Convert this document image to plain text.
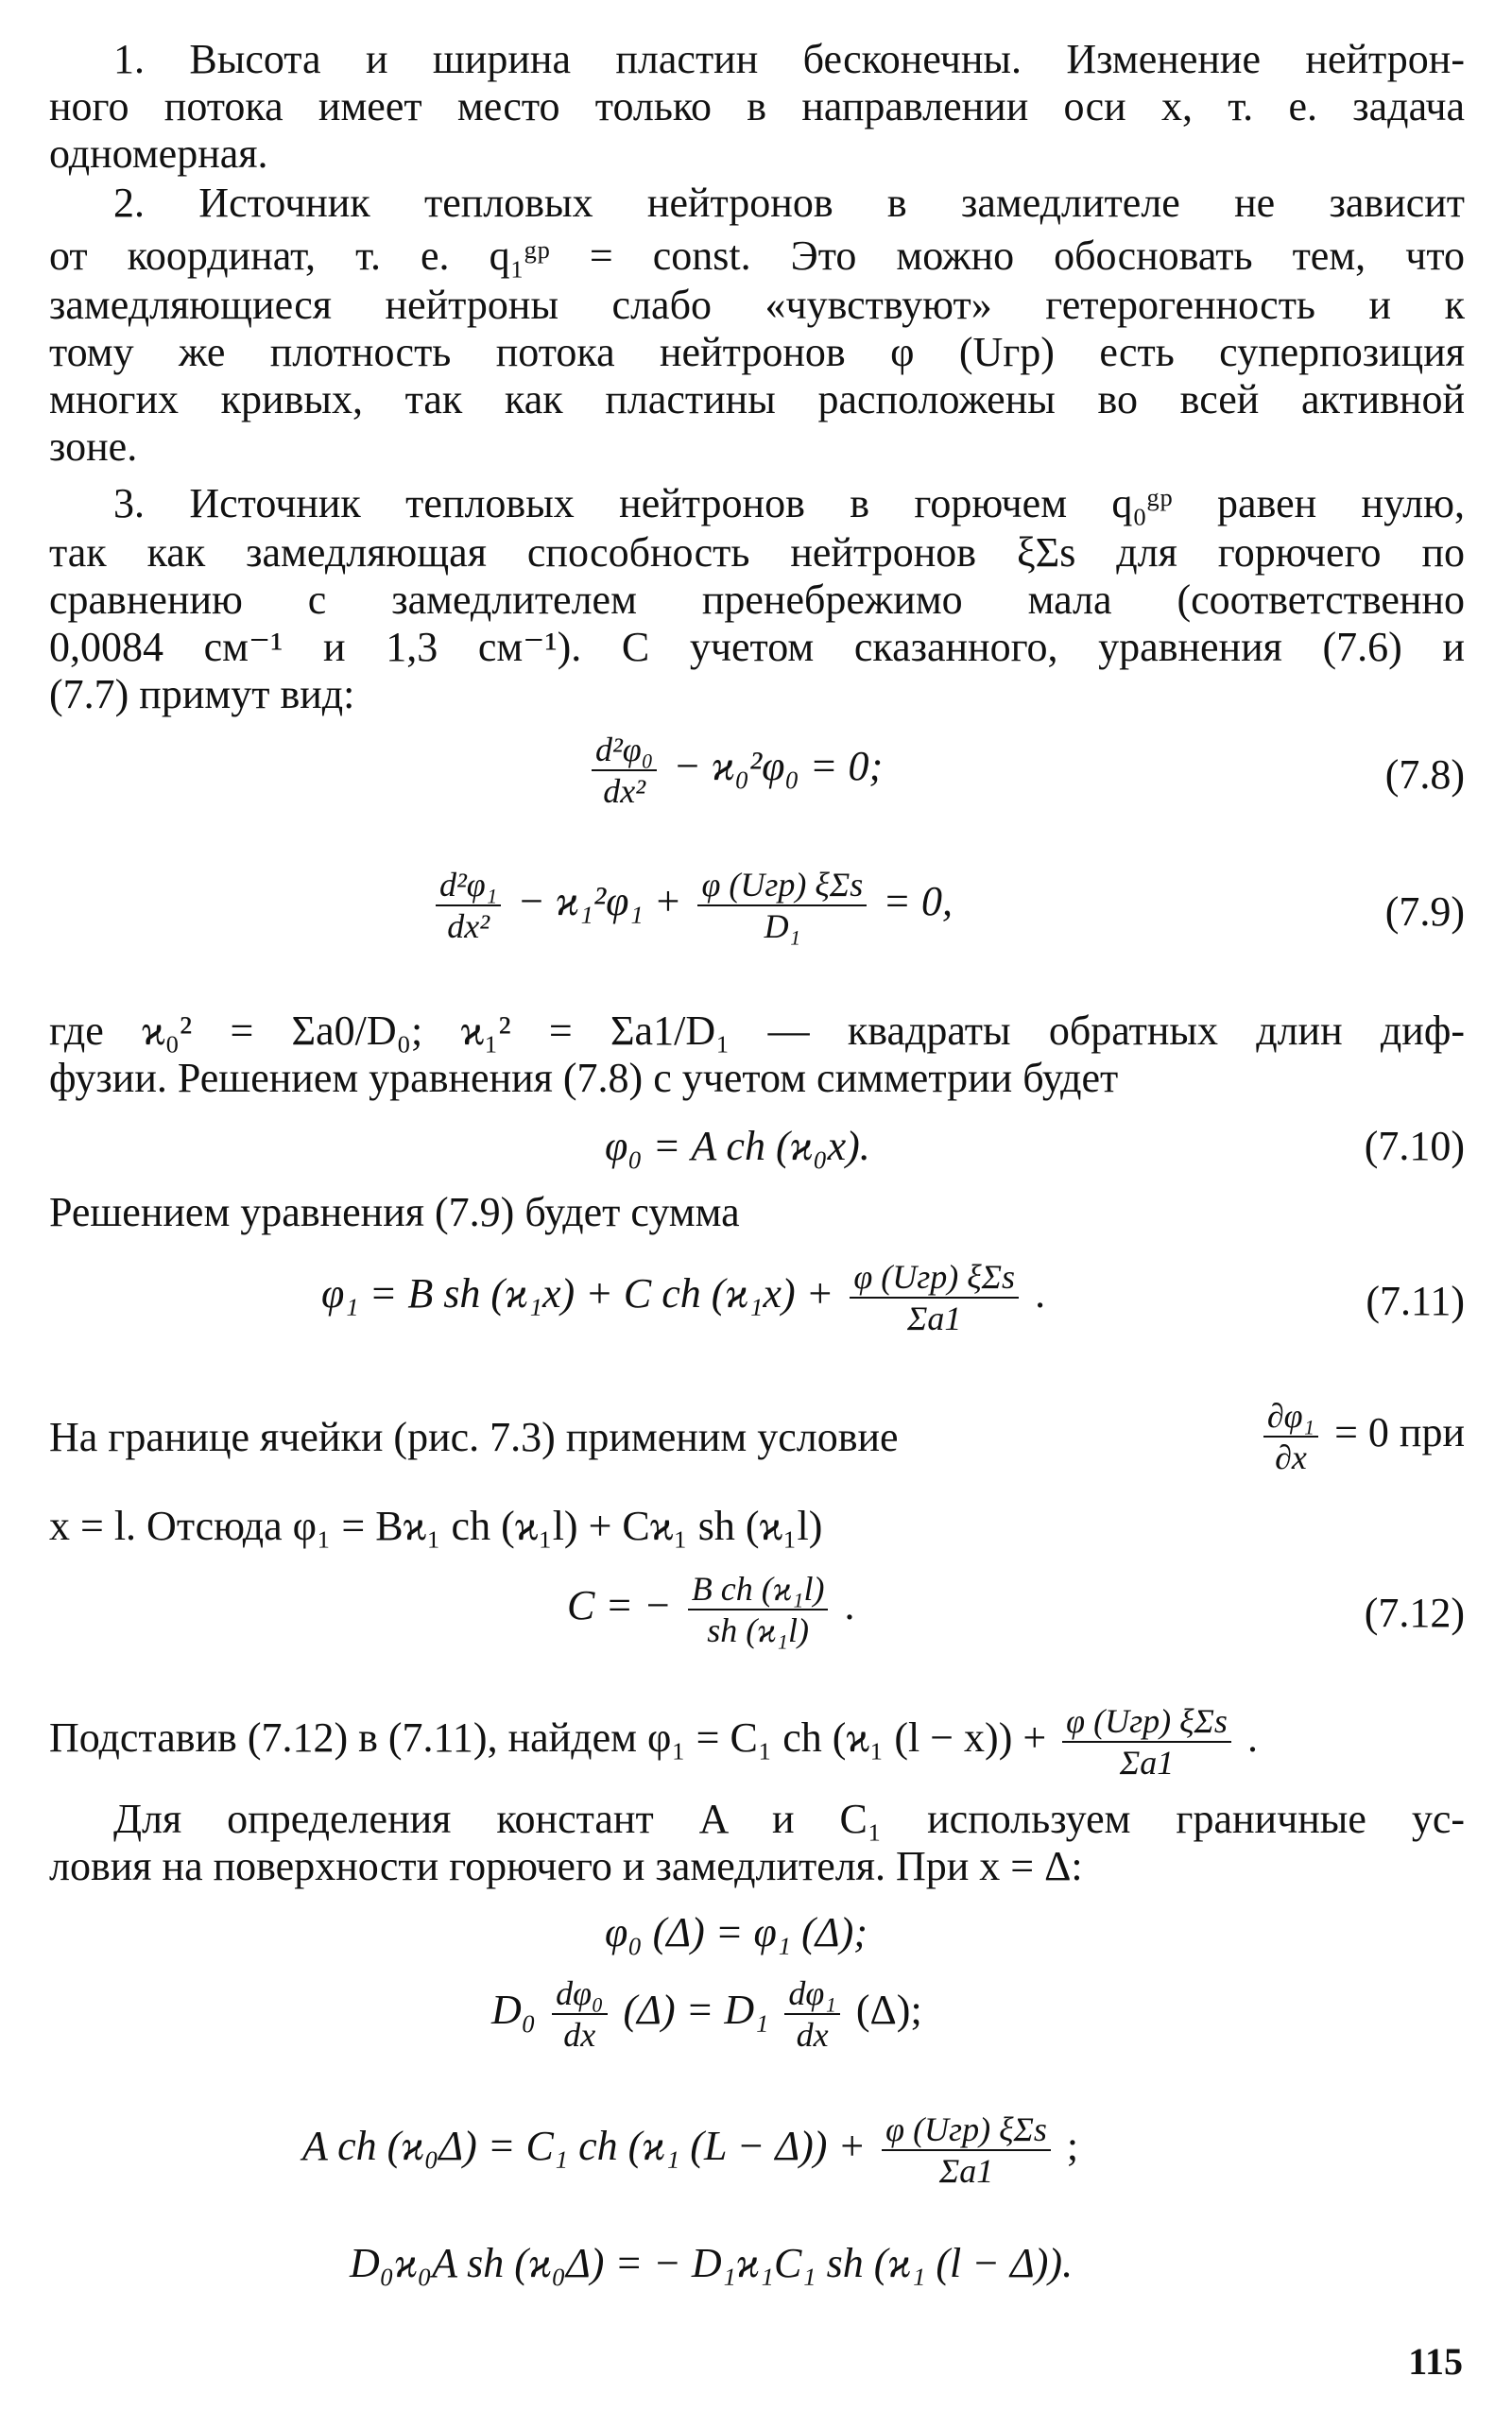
1. Высота и ширина пластин бесконечны. Изменение нейтрон-
ного потока имеет место только в направлении оси x, т. е. задача
одномерная.
2. Источник тепловых нейтронов в замедлителе не зависит
от координат, т. е. q₁ᵍᵖ = const. Это можно обосновать тем, что
замедляющиеся нейтроны слабо «чувствуют» гетерогенность и к
тому же плотность потока нейтронов φ (Uгр) есть суперпозиция
многих кривых, так как пластины расположены во всей активной
зоне.
3. Источник тепловых нейтронов в горючем q₀ᵍᵖ равен нулю,
так как замедляющая способность нейтронов ξΣs для горючего по
сравнению с замедлителем пренебрежимо мала (соответственно
0,0084 см⁻¹ и 1,3 см⁻¹). С учетом сказанного, уравнения (7.6) и
(7.7) примут вид:
$\frac{\text{d²φ₀}}{\text{dx²}} - ϰ_0^2\varphi_0 = 0$;	(7.8)
$\frac{\text{d²φ₁}}{\text{dx²}} - ϰ_1^2\varphi_1 + \frac{\text{φ (Uгр) ξΣs}}{\text{D₁}} = 0$,	(7.9)
где ϰ₀² = Σa0/D₀; ϰ₁² = Σa1/D₁ — квадраты обратных длин диф-
фузии. Решением уравнения (7.8) с учетом симметрии будет
φ₀ = A ch (ϰ₀x).	(7.10)
Решением уравнения (7.9) будет сумма
φ₁ = B sh (ϰ₁x) + C ch $(ϰ_1x) + \frac{\text{φ (Uгр) ξΣs}}{\Sigma a1}$ .	(7.11)
На границе ячейки (рис. 7.3) применим условие	$\frac{\text{∂φ₁}}{\partial x} = 0$ при
x = l. Отсюда φ₁ = Bϰ₁ ch (ϰ₁l) + Cϰ₁ sh (ϰ₁l)
C = − $\frac{\text{B ch (ϰ₁l)}}{\text{sh (ϰ₁l)}}$ .	(7.12)
Подставив (7.12) в (7.11), найдем φ₁ = C₁ ch (ϰ₁ $(l - x)) + \frac{\text{φ (Uгр) ξΣs}}{\Sigma a1}$ .
Для определения констант A и C₁ используем граничные ус-
ловия на поверхности горючего и замедлителя. При x = Δ:
φ₀ (Δ) = φ₁ (Δ);
$D_0 \frac{\text{dφ₀}}{dx} (\Delta) = D_1 \frac{\text{dφ₁}}{dx} (\Delta)$;
A ch (ϰ₀Δ) = C₁ ch (ϰ₁ $(L - \Delta)) + \frac{\text{φ (Uгр) ξΣs}}{\Sigma a1}$ ;
D₀ϰ₀A sh (ϰ₀Δ) = − D₁ϰ₁C₁ sh (ϰ₁ (l − Δ)).
115
